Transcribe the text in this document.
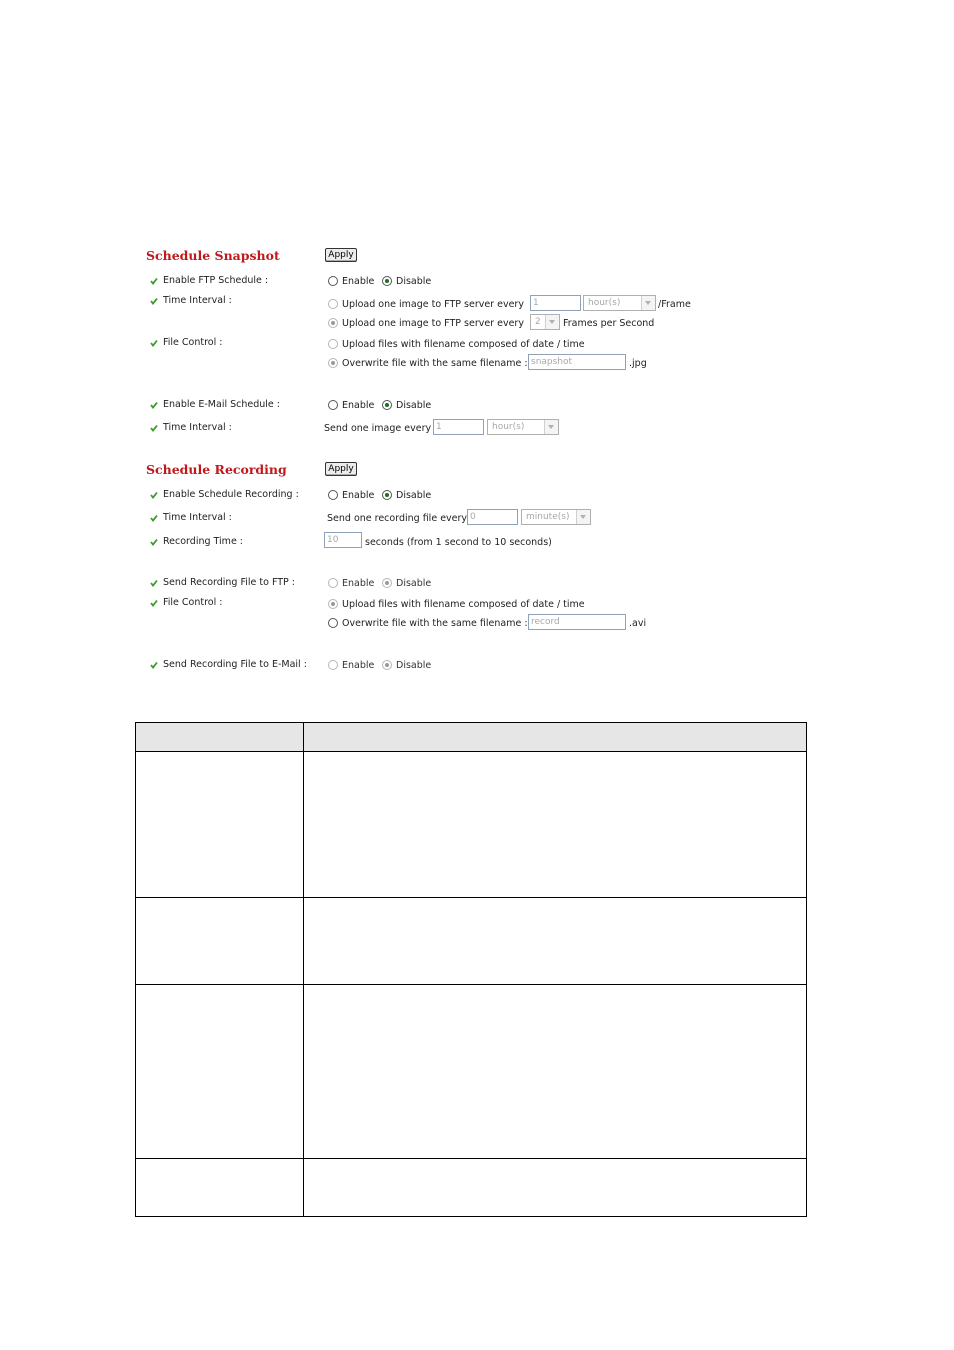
Schedule Snapshot	Apply
Enable FTP Schedule :	Enable Disable
Time Interval :	Upload one image to FTP server every	1	hour(s)	/Frame
Upload one image to FTP server every	2	Frames per Second
File Control :	Upload files with filename composed of date / time
Overwrite file with the same filename : snapshot	.jpg
Enable E-Mail Schedule :	Enable Disable
Time Interval :	Send one image every 1	hour(s)
Schedule Recording	Apply
Enable Schedule Recording :	Enable Disable
Time Interval :	Send one recording file every 0	minute(s)
Recording Time :	10	seconds (from 1 second to 10 seconds)
Send Recording File to FTP :	Enable Disable
File Control :	Upload files with filename composed of date / time
Overwrite file with the same filename : record	.avi
Send Recording File to E-Mail :	Enable Disable
